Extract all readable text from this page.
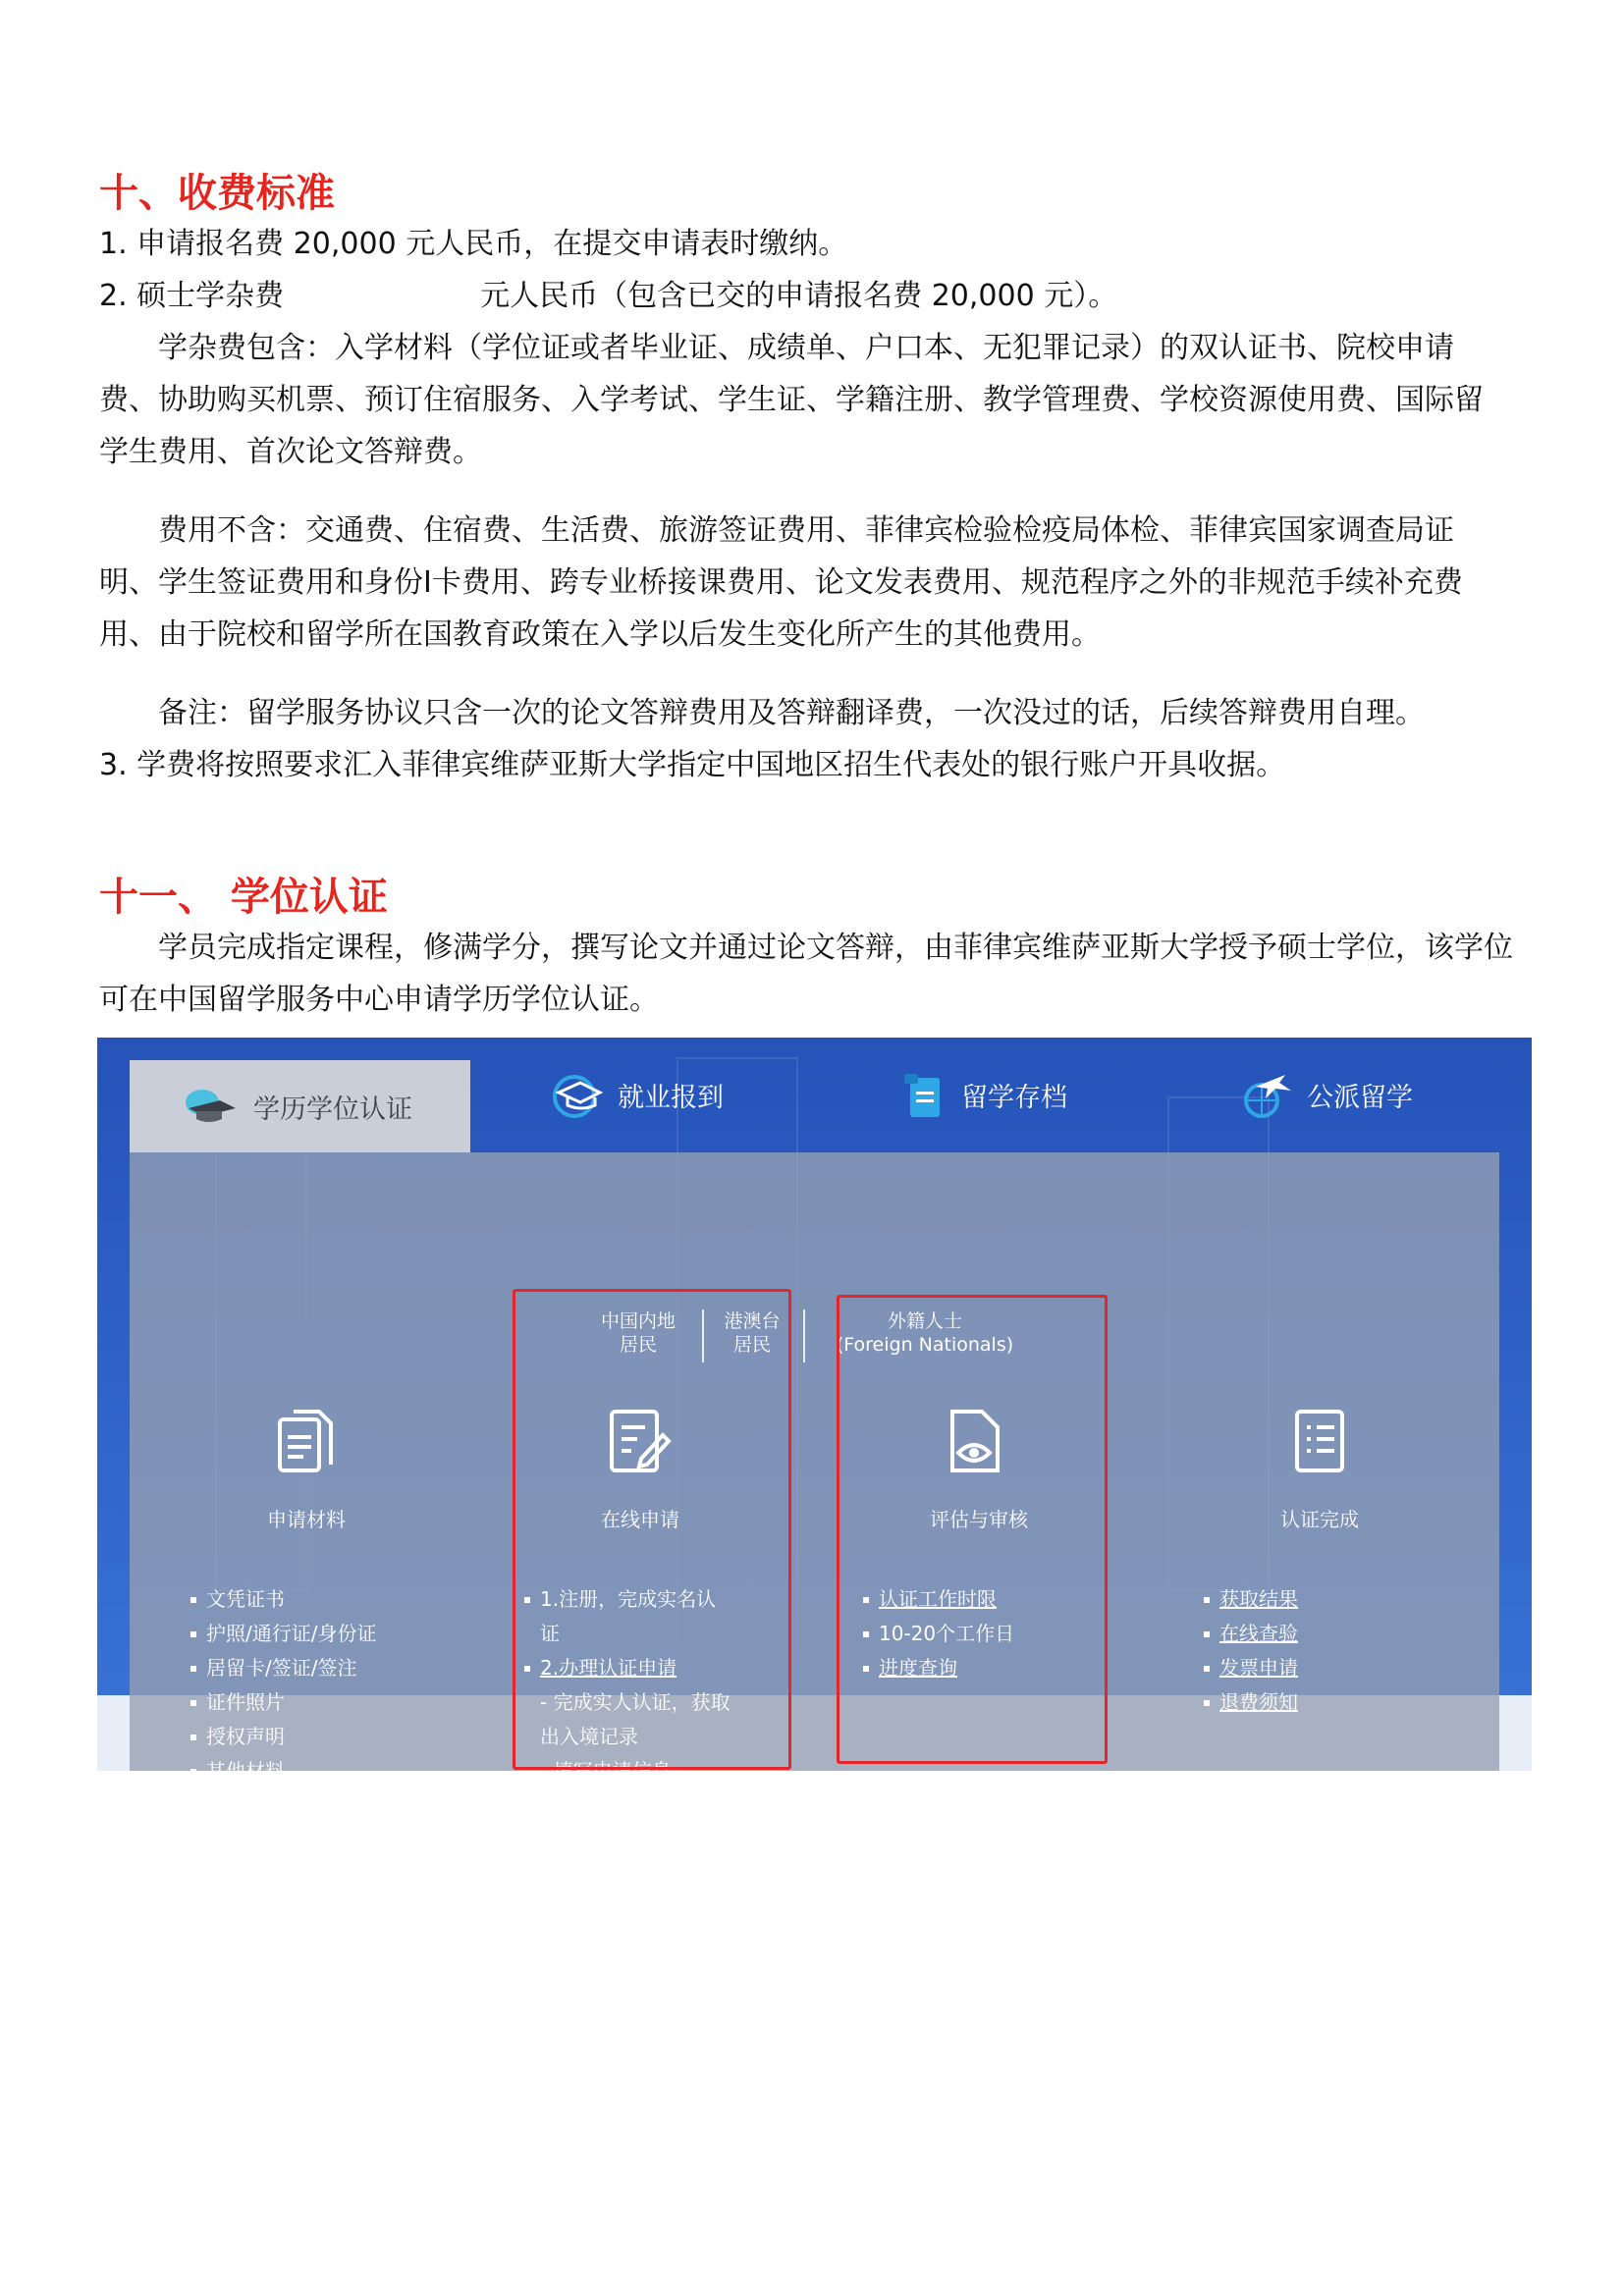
十、收费标准
1. 申请报名费 20,000 元人民币，在提交申请表时缴纳。
2. 硕士学杂费	元人民币（包含已交的申请报名费 20,000 元）。
学杂费包含：入学材料（学位证或者毕业证、成绩单、户口本、无犯罪记录）的双认证书、院校申请
费、协助购买机票、预订住宿服务、入学考试、学生证、学籍注册、教学管理费、学校资源使用费、国际留
学生费用、首次论文答辩费。
费用不含：交通费、住宿费、生活费、旅游签证费用、菲律宾检验检疫局体检、菲律宾国家调查局证
明、学生签证费用和身份I卡费用、跨专业桥接课费用、论文发表费用、规范程序之外的非规范手续补充费
用、由于院校和留学所在国教育政策在入学以后发生变化所产生的其他费用。
备注：留学服务协议只含一次的论文答辩费用及答辩翻译费，一次没过的话，后续答辩费用自理。
3. 学费将按照要求汇入菲律宾维萨亚斯大学指定中国地区招生代表处的银行账户开具收据。
十一、 学位认证
学员完成指定课程，修满学分，撰写论文并通过论文答辩，由菲律宾维萨亚斯大学授予硕士学位，该学位
可在中国留学服务中心申请学历学位认证。
学历学位认证	就业报到	留学存档	公派留学
中国内地
居民
港澳台
居民
外籍人士
(Foreign Nationals)
申请材料
文凭证书
护照/通行证/身份证
居留卡/签证/签注
证件照片
授权声明
其他材料
材料详情
在线申请
1.注册，完成实名认
证
2.办理认证申请
- 完成实人认证，获取
出入境记录
- 填写申请信息
- 上传申请材料
- 在线支付费用
评估与审核
认证工作时限
10-20个工作日
进度查询
认证完成
获取结果
在线查验
发票申请
退费须知
